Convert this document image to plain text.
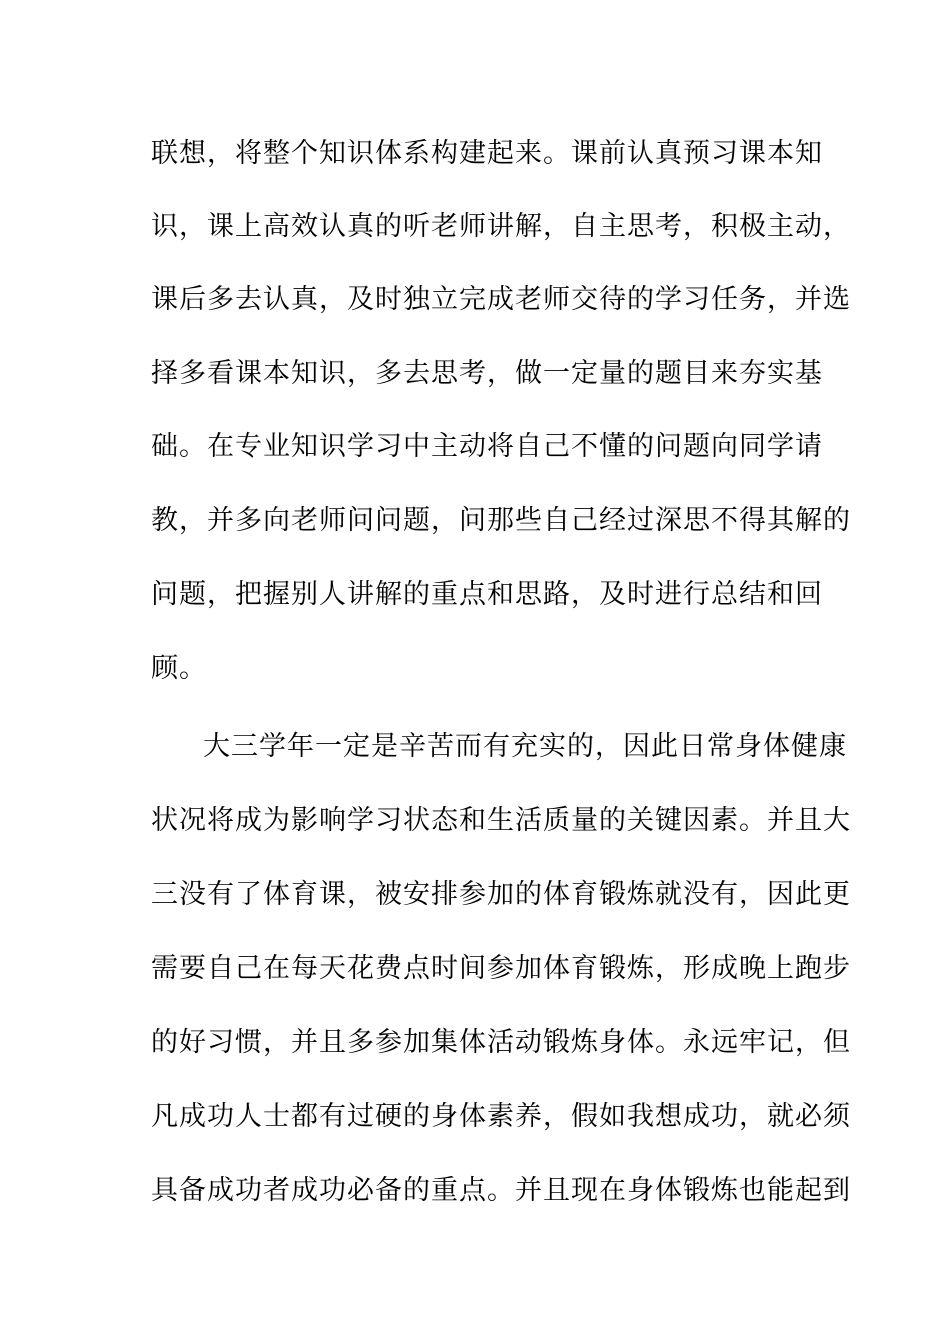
联想，将整个知识体系构建起来。课前认真预习课本知
识，课上高效认真的听老师讲解，自主思考，积极主动，
课后多去认真，及时独立完成老师交待的学习任务，并选
择多看课本知识，多去思考，做一定量的题目来夯实基
础。在专业知识学习中主动将自己不懂的问题向同学请
教，并多向老师问问题，问那些自己经过深思不得其解的
问题，把握别人讲解的重点和思路，及时进行总结和回
顾。
大三学年一定是辛苦而有充实的，因此日常身体健康
状况将成为影响学习状态和生活质量的关键因素。并且大
三没有了体育课，被安排参加的体育锻炼就没有，因此更
需要自己在每天花费点时间参加体育锻炼，形成晚上跑步
的好习惯，并且多参加集体活动锻炼身体。永远牢记，但
凡成功人士都有过硬的身体素养，假如我想成功，就必须
具备成功者成功必备的重点。并且现在身体锻炼也能起到
